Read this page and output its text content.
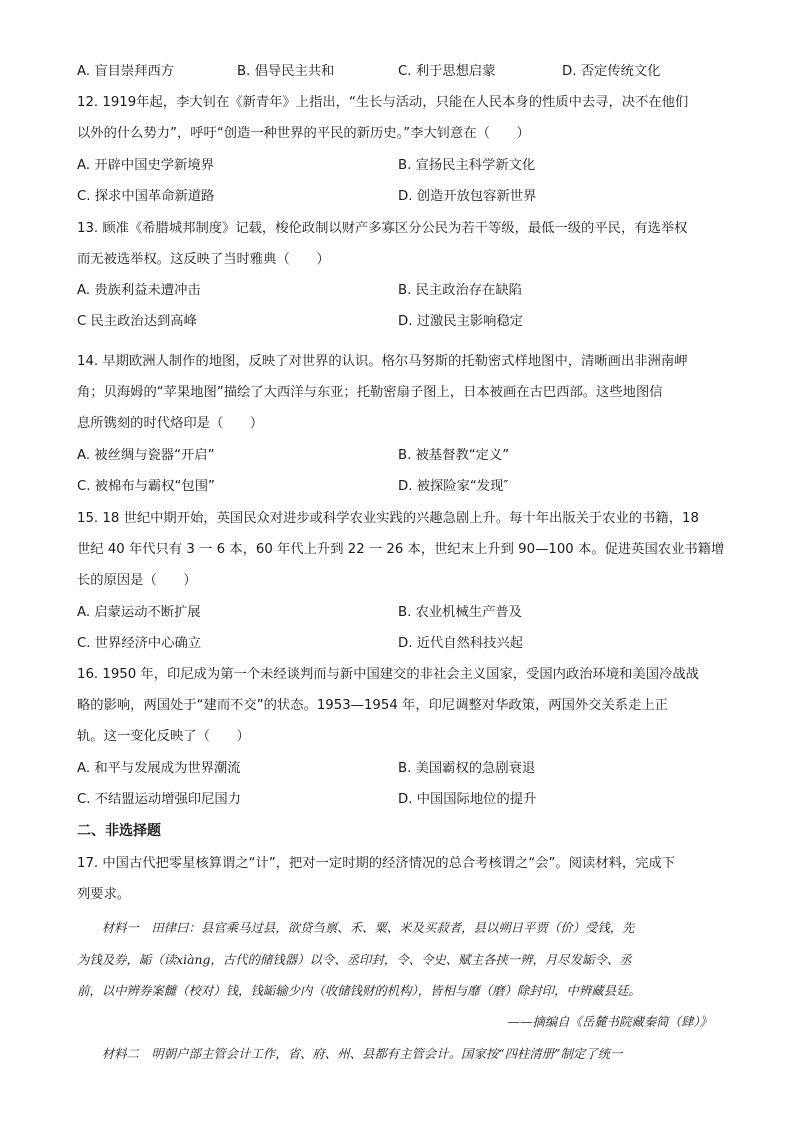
A. 盲目崇拜西方	B. 倡导民主共和	C. 利于思想启蒙	D. 否定传统文化
12. 1919年起，李大钊在《新青年》上指出，“生长与活动，只能在人民本身的性质中去寻，决不在他们
以外的什么势力”，呼吁“创造一种世界的平民的新历史。”李大钊意在（　　）
A. 开辟中国史学新境界	B. 宣扬民主科学新文化
C. 探求中国革命新道路	D. 创造开放包容新世界
13. 顾准《希腊城邦制度》记载，梭伦政制以财产多寡区分公民为若干等级，最低一级的平民，有选举权
而无被选举权。这反映了当时雅典（　　）
A. 贵族利益未遭冲击	B. 民主政治存在缺陷
C 民主政治达到高峰	D. 过激民主影响稳定
14. 早期欧洲人制作的地图，反映了对世界的认识。格尔马努斯的托勒密式样地图中，清晰画出非洲南岬
角；贝海姆的“苹果地图”描绘了大西洋与东亚；托勒密扇子图上，日本被画在古巴西部。这些地图信
息所镌刻的时代烙印是（　　）
A. 被丝绸与瓷器“开启”	B. 被基督教“定义”
C. 被棉布与霸权“包围”	D. 被探险家“发现″
15. 18 世纪中期开始，英国民众对进步或科学农业实践的兴趣急剧上升。每十年出版关于农业的书籍，18
世纪 40 年代只有 3 一 6 本，60 年代上升到 22 一 26 本，世纪末上升到 90—100 本。促进英国农业书籍增
长的原因是（　　）
A. 启蒙运动不断扩展	B. 农业机械生产普及
C. 世界经济中心确立	D. 近代自然科技兴起
16. 1950 年，印尼成为第一个未经谈判而与新中国建交的非社会主义国家，受国内政治环境和美国冷战战
略的影响，两国处于“建而不交”的状态。1953—1954 年，印尼调整对华政策，两国外交关系走上正
轨。这一变化反映了（　　）
A. 和平与发展成为世界潮流	B. 美国霸权的急剧衰退
C. 不结盟运动增强印尼国力	D. 中国国际地位的提升
二、非选择题
17. 中国古代把零星核算谓之“计”，把对一定时期的经济情况的总合考核谓之“会”。阅读材料，完成下
列要求。
　　材料一　田律曰：县官乘马过县，欲贷刍禀、禾、粟、米及买菽者，县以朔日平贾（价）受钱，先
为钱及券，缿（读xiàng，古代的储钱器）以令、丞印封，令、令史、赋主各挟一辨，月尽发缿令、丞
前，以中辨券案雠（校对）钱，钱缿输少内（收储钱财的机构），皆相与靡（磨）除封印，中辨藏县廷。
——摘编自《岳麓书院藏秦简（肆）》
　　材料二　明朝户部主管会计工作，省、府、州、县都有主管会计。国家按“四柱清册”制定了统一
